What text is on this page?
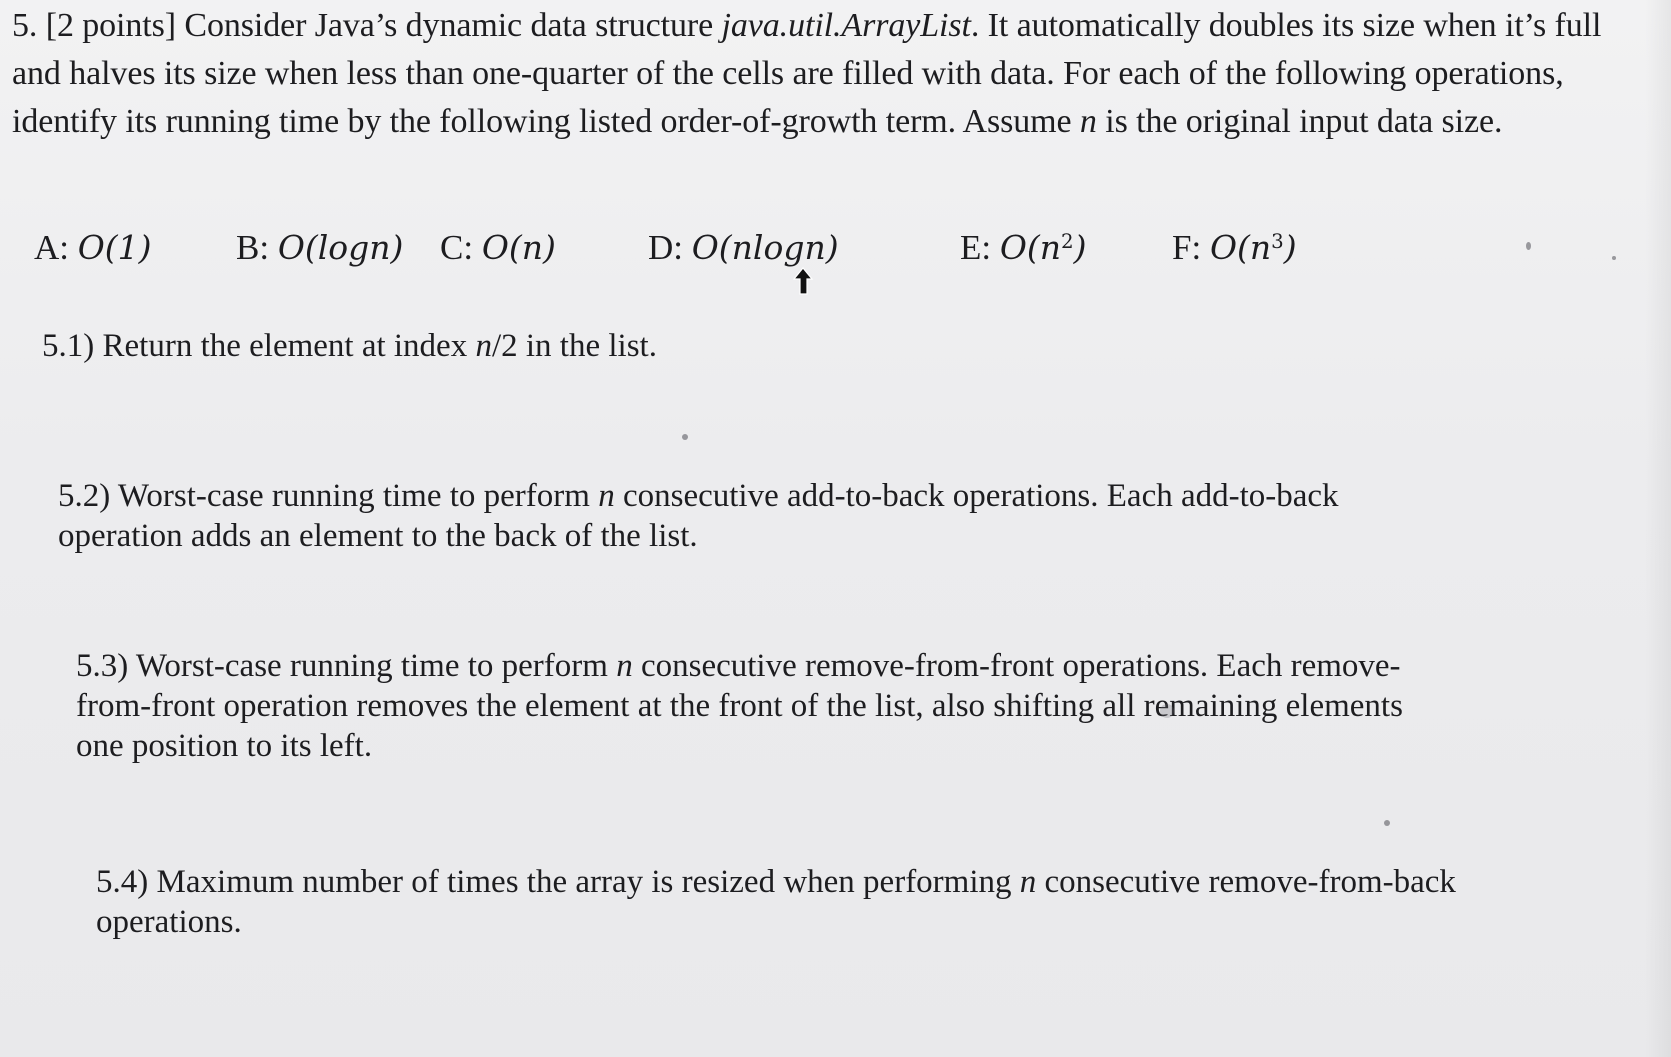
5. [2 points] Consider Java’s dynamic data structure java.util.ArrayList. It automatically doubles its size when it’s full and halves its size when less than one-quarter of the cells are filled with data. For each of the following operations, identify its running time by the following listed order-of-growth term. Assume n is the original input data size.

A: O(1) B: O(logn) C: O(n)	D: O(nlogn)	E: $O(n^2)$ F: $O(n^3)$

5.1) Return the element at index n/2 in the list.

5.2) Worst-case running time to perform n consecutive add-to-back operations. Each add-to-back operation adds an element to the back of the list.

5.3) Worst-case running time to perform n consecutive remove-from-front operations. Each remove-from-front operation removes the element at the front of the list, also shifting all remaining elements one position to its left.

5.4) Maximum number of times the array is resized when performing n consecutive remove-from-back operations.
